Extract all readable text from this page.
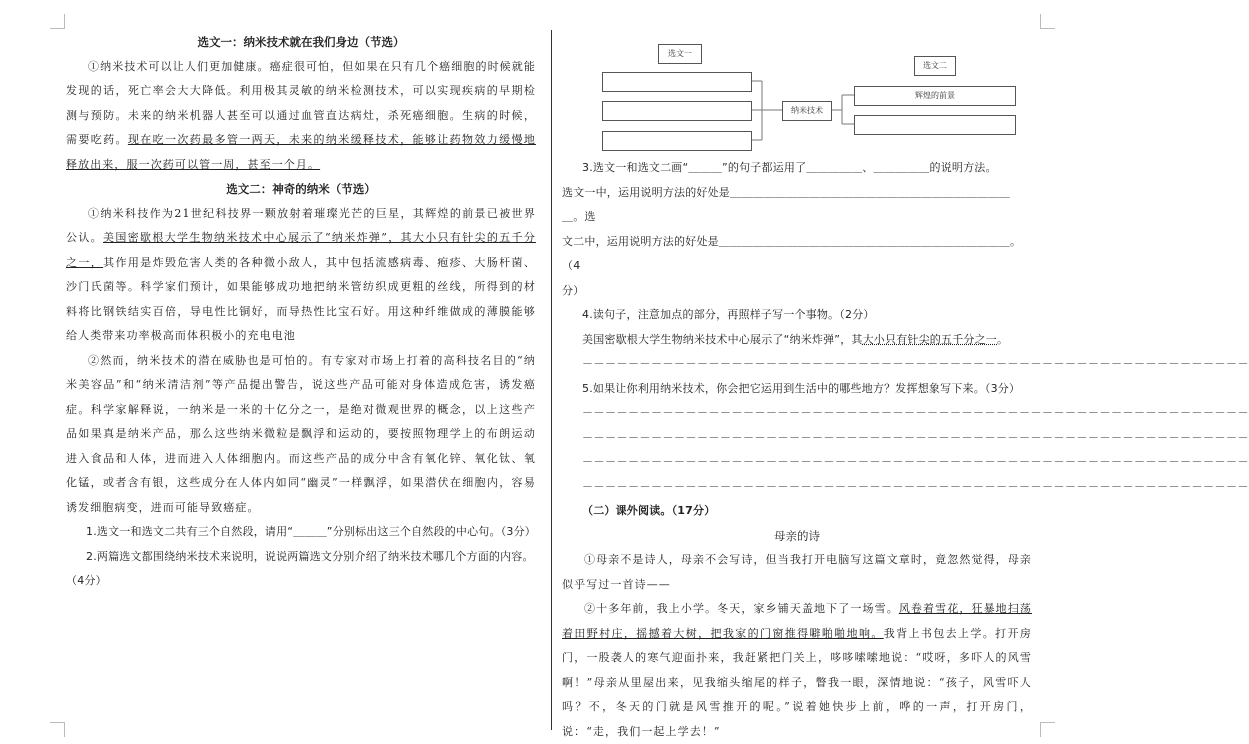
选文一：纳米技术就在我们身边（节选）

①纳米技术可以让人们更加健康。癌症很可怕，但如果在只有几个癌细胞的时候就能发现的话，死亡率会大大降低。利用极其灵敏的纳米检测技术，可以实现疾病的早期检测与预防。未来的纳米机器人甚至可以通过血管直达病灶，杀死癌细胞。生病的时候，需要吃药。现在吃一次药最多管一两天，未来的纳米缓释技术，能够让药物效力缓慢地释放出来，服一次药可以管一周，甚至一个月。

选文二：神奇的纳米（节选）

①纳米科技作为21世纪科技界一颗放射着璀璨光芒的巨星，其辉煌的前景已被世界公认。美国密歇根大学生物纳米技术中心展示了“纳米炸弹”，其大小只有针尖的五千分之一，其作用是炸毁危害人类的各种微小敌人，其中包括流感病毒、疱疹、大肠杆菌、沙门氏菌等。科学家们预计，如果能够成功地把纳米管纺织成更粗的丝线，所得到的材料将比钢铁结实百倍，导电性比铜好，而导热性比宝石好。用这种纤维做成的薄膜能够给人类带来功率极高而体积极小的充电电池

②然而，纳米技术的潜在威胁也是可怕的。有专家对市场上打着的高科技名目的“纳米美容品”和“纳米清洁剂”等产品提出警告，说这些产品可能对身体造成危害，诱发癌症。科学家解释说，一纳米是一米的十亿分之一，是绝对微观世界的概念，以上这些产品如果真是纳米产品，那么这些纳米微粒是飘浮和运动的，要按照物理学上的布朗运动进入食品和人体，进而进入人体细胞内。而这些产品的成分中含有氧化锌、氧化钛、氧化锰，或者含有银，这些成分在人体内如同“幽灵”一样飘浮，如果潜伏在细胞内，容易诱发细胞病变，进而可能导致癌症。

1.选文一和选文二共有三个自然段，请用“＿＿＿”分别标出这三个自然段的中心句。（3分）
2.两篇选文都围绕纳米技术来说明，说说两篇选文分别介绍了纳米技术哪几个方面的内容。（4分）
选文一
纳米技术
选文二
辉煌的前景
3.选文一和选文二画“＿＿＿”的句子都运用了＿＿＿＿＿、＿＿＿＿＿的说明方法。
选文一中，运用说明方法的好处是＿＿＿＿＿＿＿＿＿＿＿＿＿＿＿＿＿＿＿＿＿＿＿＿＿＿。选
文二中，运用说明方法的好处是＿＿＿＿＿＿＿＿＿＿＿＿＿＿＿＿＿＿＿＿＿＿＿＿＿＿。（4
分）
4.读句子，注意加点的部分，再照样子写一个事物。（2分）
美国密歇根大学生物纳米技术中心展示了“纳米炸弹”，其大小只有针尖的五千分之一。
－－－－－－－－－－－－－－－－－－－－－－－－－－－－－－－－－－－－－－－－－－－－－－－－－－－－－－－－－－
5.如果让你利用纳米技术，你会把它运用到生活中的哪些地方？发挥想象写下来。（3分）
－－－－－－－－－－－－－－－－－－－－－－－－－－－－－－－－－－－－－－－－－－－－－－－－－－－－－－－－－－
－－－－－－－－－－－－－－－－－－－－－－－－－－－－－－－－－－－－－－－－－－－－－－－－－－－－－－－－－－
－－－－－－－－－－－－－－－－－－－－－－－－－－－－－－－－－－－－－－－－－－－－－－－－－－－－－－－－－－
－－－－－－－－－－－－－－－－－－－－－－－－－－－－－－－－－－－－－－－－－－－－－－－－－－－－－－－－－－
（二）课外阅读。（17分）
母亲的诗

①母亲不是诗人，母亲不会写诗，但当我打开电脑写这篇文章时，竟忽然觉得，母亲似乎写过一首诗——

②十多年前，我上小学。冬天，家乡铺天盖地下了一场雪。风卷着雪花，狂暴地扫荡着田野村庄，摇撼着大树，把我家的门窗推得噼啪啪地响。我背上书包去上学。打开房门，一股袭人的寒气迎面扑来，我赶紧把门关上，哆哆嗦嗦地说：“哎呀，多吓人的风雪啊！”母亲从里屋出来，见我缩头缩尾的样子，瞥我一眼，深情地说：“孩子，风雪吓人吗？不，冬天的门就是风雪推开的呢。”说着她快步上前，哗的一声，打开房门，说：“走，我们一起上学去！”
